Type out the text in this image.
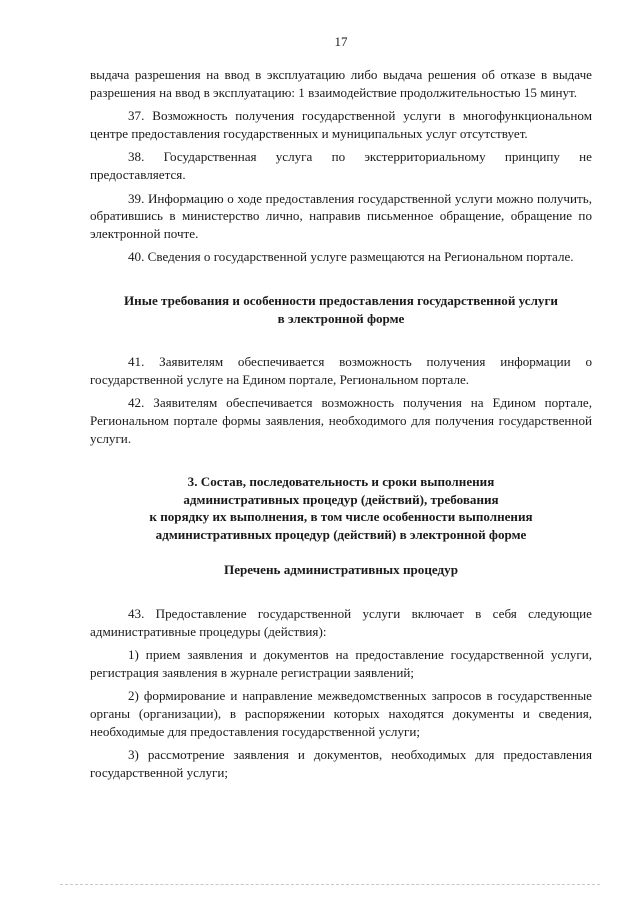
17

выдача разрешения на ввод в эксплуатацию либо выдача решения об отказе в выдаче разрешения на ввод в эксплуатацию: 1 взаимодействие продолжительностью 15 минут.

37. Возможность получения государственной услуги в многофункциональном центре предоставления государственных и муниципальных услуг отсутствует.

38. Государственная услуга по экстерриториальному принципу не предоставляется.

39. Информацию о ходе предоставления государственной услуги можно получить, обратившись в министерство лично, направив письменное обращение, обращение по электронной почте.

40. Сведения о государственной услуге размещаются на Региональном портале.

Иные требования и особенности предоставления государственной услуги
в электронной форме

41. Заявителям обеспечивается возможность получения информации о государственной услуге на Едином портале, Региональном портале.

42. Заявителям обеспечивается возможность получения на Едином портале, Региональном портале формы заявления, необходимого для получения государственной услуги.

3. Состав, последовательность и сроки выполнения
административных процедур (действий), требования
к порядку их выполнения, в том числе особенности выполнения
административных процедур (действий) в электронной форме
Перечень административных процедур

43. Предоставление государственной услуги включает в себя следующие административные процедуры (действия):

1) прием заявления и документов на предоставление государственной услуги, регистрация заявления в журнале регистрации заявлений;

2) формирование и направление межведомственных запросов в государственные органы (организации), в распоряжении которых находятся документы и сведения, необходимые для предоставления государственной услуги;

3) рассмотрение заявления и документов, необходимых для предоставления государственной услуги;
